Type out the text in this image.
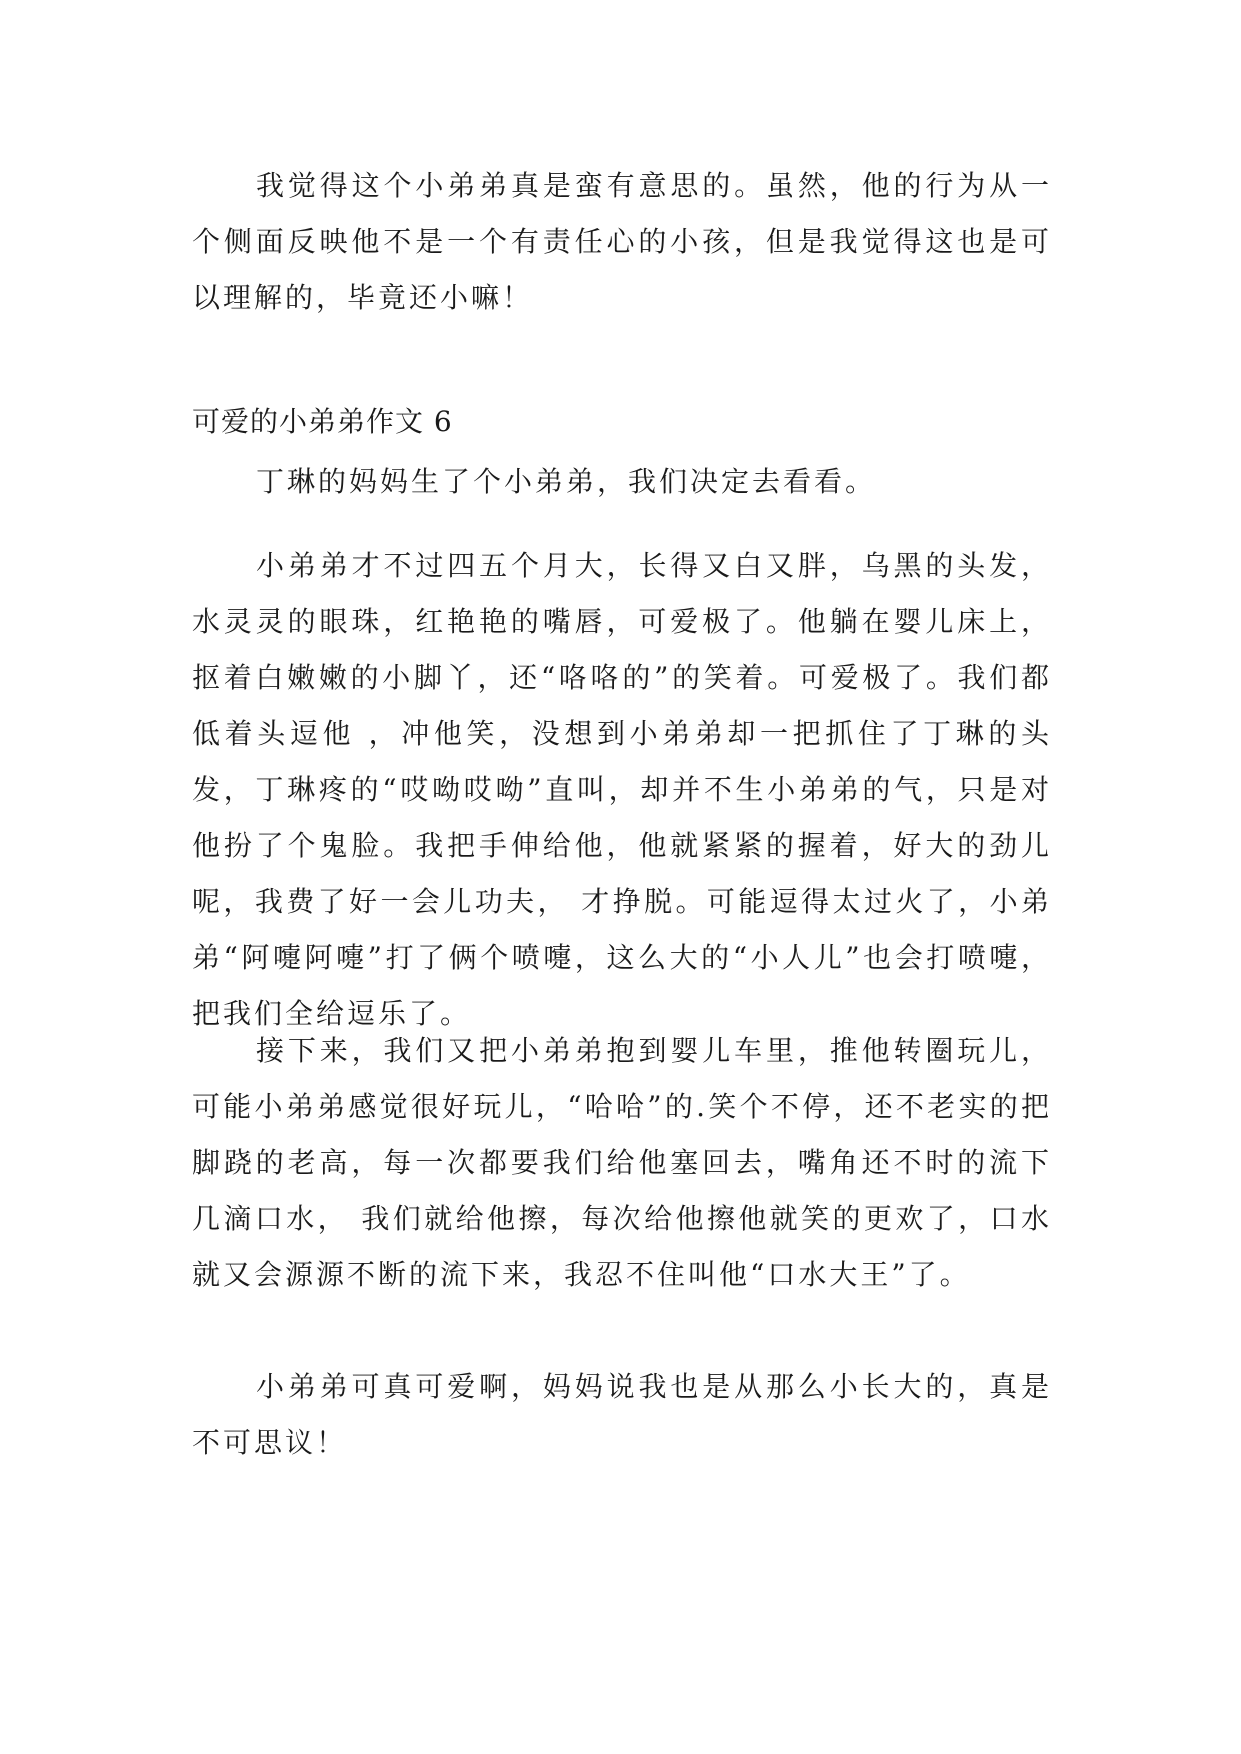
我觉得这个小弟弟真是蛮有意思的。虽然，他的行为从一个侧面反映他不是一个有责任心的小孩，但是我觉得这也是可以理解的，毕竟还小嘛！

可爱的小弟弟作文 6

丁琳的妈妈生了个小弟弟，我们决定去看看。

小弟弟才不过四五个月大，长得又白又胖，乌黑的头发，水灵灵的眼珠，红艳艳的嘴唇，可爱极了。他躺在婴儿床上，抠着白嫩嫩的小脚丫，还“咯咯的”的笑着。可爱极了。我们都低着头逗他 ，冲他笑，没想到小弟弟却一把抓住了丁琳的头发，丁琳疼的“哎呦哎呦”直叫，却并不生小弟弟的气，只是对他扮了个鬼脸。我把手伸给他，他就紧紧的握着，好大的劲儿呢，我费了好一会儿功夫， 才挣脱。可能逗得太过火了，小弟弟“阿嚏阿嚏”打了俩个喷嚏，这么大的“小人儿”也会打喷嚏，把我们全给逗乐了。

接下来，我们又把小弟弟抱到婴儿车里，推他转圈玩儿，可能小弟弟感觉很好玩儿，“哈哈”的.笑个不停，还不老实的把脚跷的老高，每一次都要我们给他塞回去，嘴角还不时的流下几滴口水， 我们就给他擦，每次给他擦他就笑的更欢了，口水就又会源源不断的流下来，我忍不住叫他“口水大王”了。

小弟弟可真可爱啊，妈妈说我也是从那么小长大的，真是不可思议！
